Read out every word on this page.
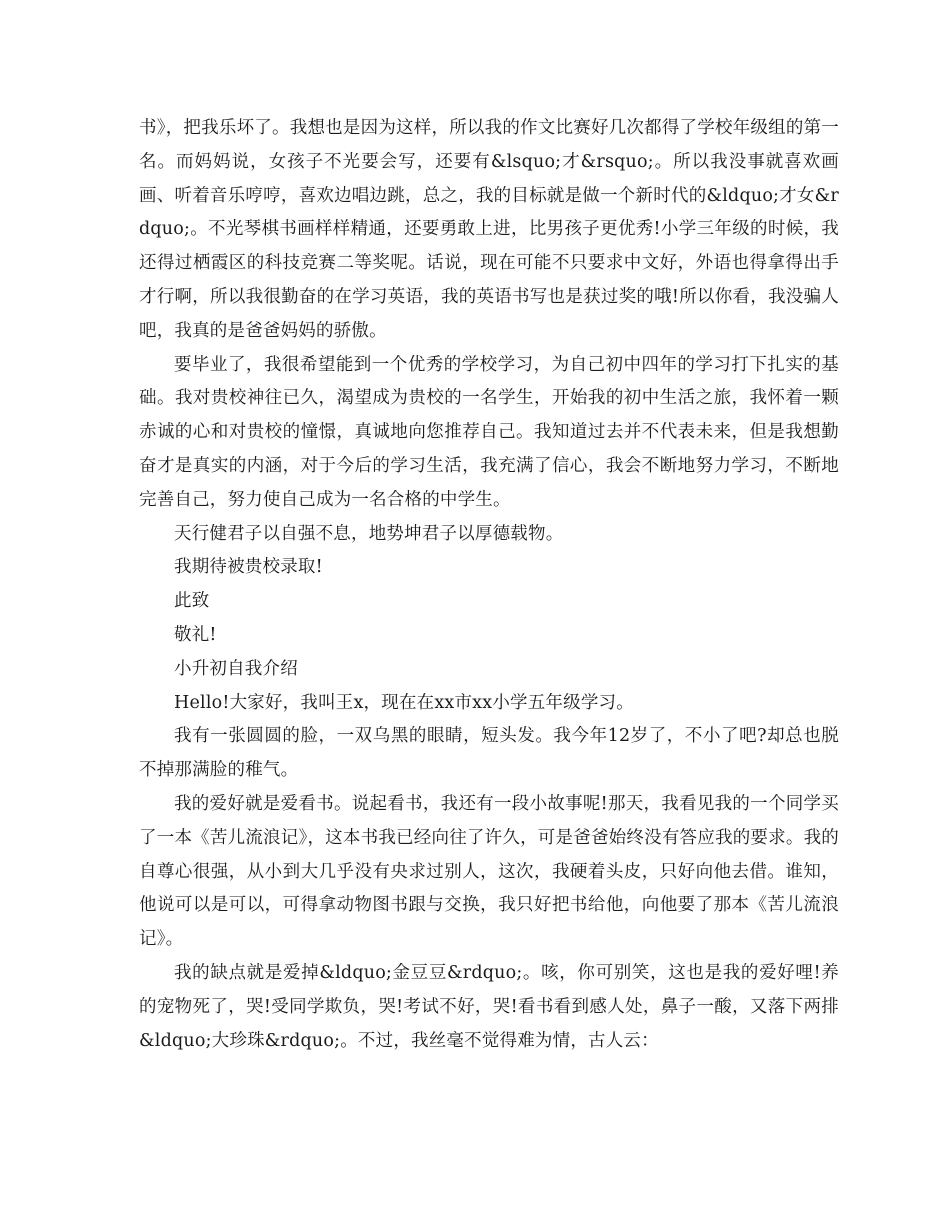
书》，把我乐坏了。我想也是因为这样，所以我的作文比赛好几次都得了学校年级组的第一名。而妈妈说，女孩子不光要会写，还要有&lsquo;才&rsquo;。所以我没事就喜欢画画、听着音乐哼哼，喜欢边唱边跳，总之，我的目标就是做一个新时代的&ldquo;才女&rdquo;。不光琴棋书画样样精通，还要勇敢上进，比男孩子更优秀!小学三年级的时候，我还得过栖霞区的科技竞赛二等奖呢。话说，现在可能不只要求中文好，外语也得拿得出手才行啊，所以我很勤奋的在学习英语，我的英语书写也是获过奖的哦!所以你看，我没骗人吧，我真的是爸爸妈妈的骄傲。

要毕业了，我很希望能到一个优秀的学校学习，为自己初中四年的学习打下扎实的基础。我对贵校神往已久，渴望成为贵校的一名学生，开始我的初中生活之旅，我怀着一颗赤诚的心和对贵校的憧憬，真诚地向您推荐自己。我知道过去并不代表未来，但是我想勤奋才是真实的内涵，对于今后的学习生活，我充满了信心，我会不断地努力学习，不断地完善自己，努力使自己成为一名合格的中学生。

天行健君子以自强不息，地势坤君子以厚德载物。

我期待被贵校录取!

此致

敬礼!

小升初自我介绍

Hello!大家好，我叫王x，现在在xx市xx小学五年级学习。

我有一张圆圆的脸，一双乌黑的眼睛，短头发。我今年12岁了，不小了吧?却总也脱不掉那满脸的稚气。

我的爱好就是爱看书。说起看书，我还有一段小故事呢!那天，我看见我的一个同学买了一本《苦儿流浪记》，这本书我已经向往了许久，可是爸爸始终没有答应我的要求。我的自尊心很强，从小到大几乎没有央求过别人，这次，我硬着头皮，只好向他去借。谁知，他说可以是可以，可得拿动物图书跟与交换，我只好把书给他，向他要了那本《苦儿流浪记》。

我的缺点就是爱掉&ldquo;金豆豆&rdquo;。咳，你可别笑，这也是我的爱好哩!养的宠物死了，哭!受同学欺负，哭!考试不好，哭!看书看到感人处，鼻子一酸，又落下两排&ldquo;大珍珠&rdquo;。不过，我丝毫不觉得难为情，古人云：
